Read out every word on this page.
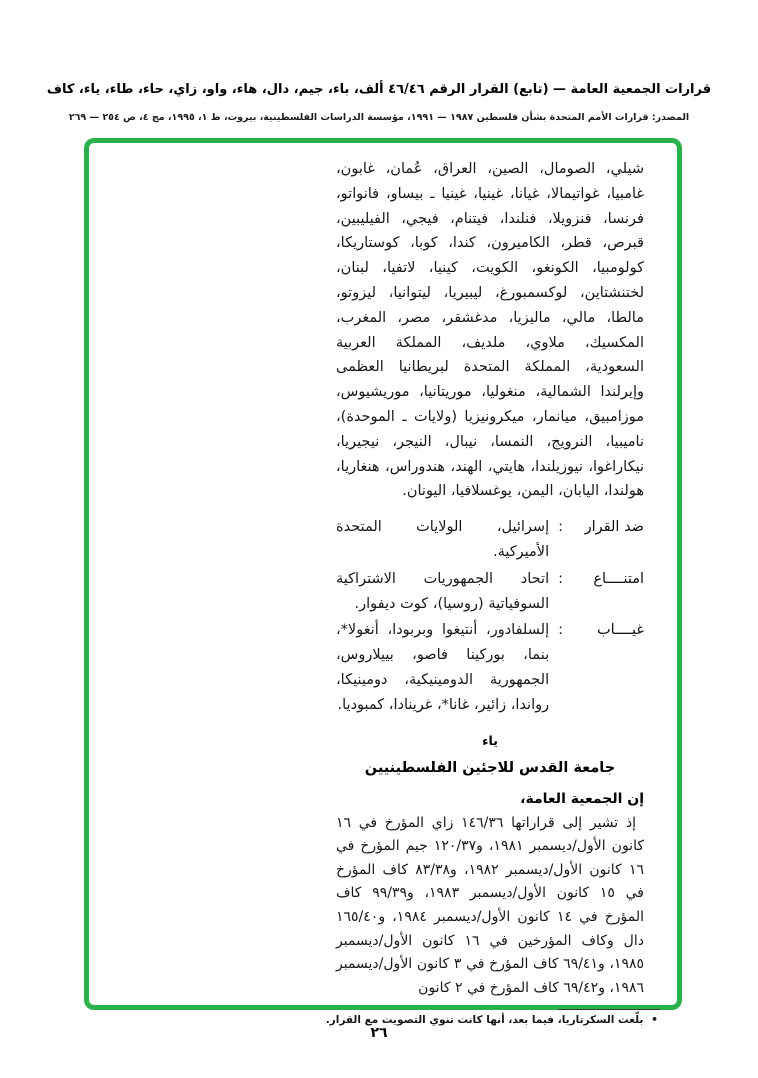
قرارات الجمعية العامة — (تابع) القرار الرقم ٤٦/٤٦ ألف، باء، جيم، دال، هاء، واو، زاي، حاء، طاء، ياء، كاف
المصدر: قرارات الأمم المتحدة بشأن فلسطين ١٩٨٧ — ١٩٩١، مؤسسة الدراسات الفلسطينية، بيروت، ط ١، ١٩٩٥، مج ٤، ص ٢٥٤ — ٢٦٩

شيلي، الصومال، الصين، العراق، عُمان، غابون، غامبيا، غواتيمالا، غيانا، غينيا، غينيا ـ بيساو، فانواتو، فرنسا، فنزويلا، فنلندا، فيتنام، فيجي، الفيليبين، قبرص، قطر، الكاميرون، كندا، كوبا، كوستاريكا، كولومبيا، الكونغو، الكويت، كينيا، لاتفيا، لبنان، لختنشتاين، لوكسمبورغ، ليبيريا، ليتوانيا، ليزوتو، مالطا، مالي، ماليزيا، مدغشقر، مصر، المغرب، المكسيك، ملاوي، ملديف، المملكة العربية السعودية، المملكة المتحدة لبريطانيا العظمى وإيرلندا الشمالية، منغوليا، موريتانيا، موريشيوس، موزامبيق، ميانمار، ميكرونيزيا (ولايات ـ الموحدة)، ناميبيا، النرويج، النمسا، نيبال، النيجر، نيجيريا، نيكاراغوا، نيوزيلندا، هايتي، الهند، هندوراس، هنغاريا، هولندا، اليابان، اليمن، يوغسلافيا، اليونان.

ضد القرار
:
إسرائيل، الولايات المتحدة الأميركية.
امتنــــاع
:
اتحاد الجمهوريات الاشتراكية السوفياتية (روسيا)، كوت ديفوار.
غيــــاب
:
إلسلفادور، أنتيغوا وبربودا، أنغولا*، بنما، بوركينا فاصو، بييلاروس، الجمهورية الدومينيكية، دومينيكا، رواندا، زائير، غانا*، غرينادا، كمبوديا.
ياء
جامعة القدس للاجئين الفلسطينيين
إن الجمعية العامة،

إذ تشير إلى قراراتها ١٤٦/٣٦ زاي المؤرخ في ١٦ كانون الأول/ديسمبر ١٩٨١، و١٢٠/٣٧ جيم المؤرخ في ١٦ كانون الأول/ديسمبر ١٩٨٢، و٨٣/٣٨ كاف المؤرخ في ١٥ كانون الأول/ديسمبر ١٩٨٣، و٩٩/٣٩ كاف المؤرخ في ١٤ كانون الأول/ديسمبر ١٩٨٤، و١٦٥/٤٠ دال وكاف المؤرخين في ١٦ كانون الأول/ديسمبر ١٩٨٥، و٦٩/٤١ كاف المؤرخ في ٣ كانون الأول/ديسمبر ١٩٨٦، و٦٩/٤٢ كاف المؤرخ في ٢ كانون

• بلّغت السكرتاريا، فيما بعد، أنها كانت تنوي التصويت مع القرار.
٢٦
